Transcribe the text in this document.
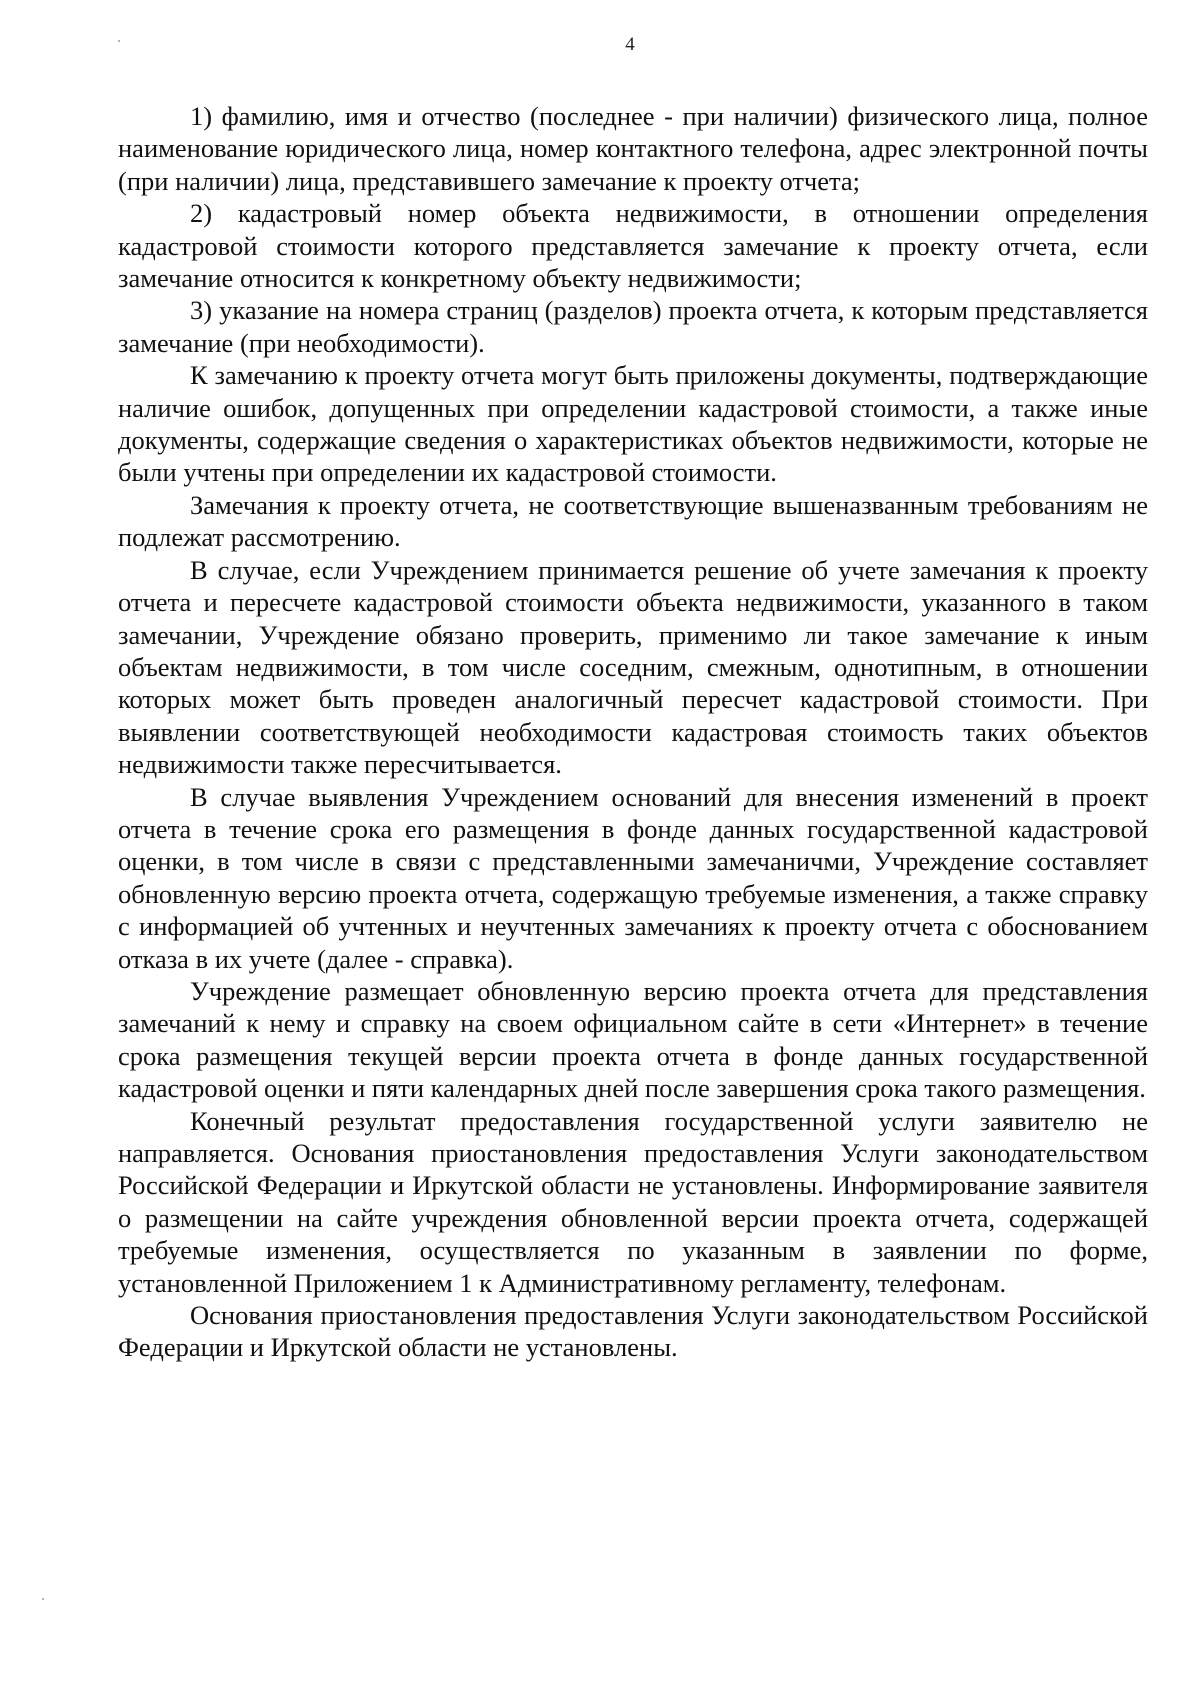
4

1) фамилию, имя и отчество (последнее - при наличии) физического лица, полное наименование юридического лица, номер контактного телефона, адрес электронной почты (при наличии) лица, представившего замечание к проекту отчета;

2) кадастровый номер объекта недвижимости, в отношении определения кадастровой стоимости которого представляется замечание к проекту отчета, если замечание относится к конкретному объекту недвижимости;

3) указание на номера страниц (разделов) проекта отчета, к которым представляется замечание (при необходимости).

К замечанию к проекту отчета могут быть приложены документы, подтверждающие наличие ошибок, допущенных при определении кадастровой стоимости, а также иные документы, содержащие сведения о характеристиках объектов недвижимости, которые не были учтены при определении их кадастровой стоимости.

Замечания к проекту отчета, не соответствующие вышеназванным требованиям не подлежат рассмотрению.

В случае, если Учреждением принимается решение об учете замечания к проекту отчета и пересчете кадастровой стоимости объекта недвижимости, указанного в таком замечании, Учреждение обязано проверить, применимо ли такое замечание к иным объектам недвижимости, в том числе соседним, смежным, однотипным, в отношении которых может быть проведен аналогичный пересчет кадастровой стоимости. При выявлении соответствующей необходимости кадастровая стоимость таких объектов недвижимости также пересчитывается.

В случае выявления Учреждением оснований для внесения изменений в проект отчета в течение срока его размещения в фонде данных государственной кадастровой оценки, в том числе в связи с представленными замечаничми, Учреждение составляет обновленную версию проекта отчета, содержащую требуемые изменения, а также справку с информацией об учтенных и неучтенных замечаниях к проекту отчета с обоснованием отказа в их учете (далее - справка).

Учреждение размещает обновленную версию проекта отчета для представления замечаний к нему и справку на своем официальном сайте в сети «Интернет» в течение срока размещения текущей версии проекта отчета в фонде данных государственной кадастровой оценки и пяти календарных дней после завершения срока такого размещения.

Конечный результат предоставления государственной услуги заявителю не направляется. Основания приостановления предоставления Услуги законодательством Российской Федерации и Иркутской области не установлены. Информирование заявителя о размещении на сайте учреждения обновленной версии проекта отчета, содержащей требуемые изменения, осуществляется по указанным в заявлении по форме, установленной Приложением 1 к Административному регламенту, телефонам.

Основания приостановления предоставления Услуги законодательством Российской Федерации и Иркутской области не установлены.
